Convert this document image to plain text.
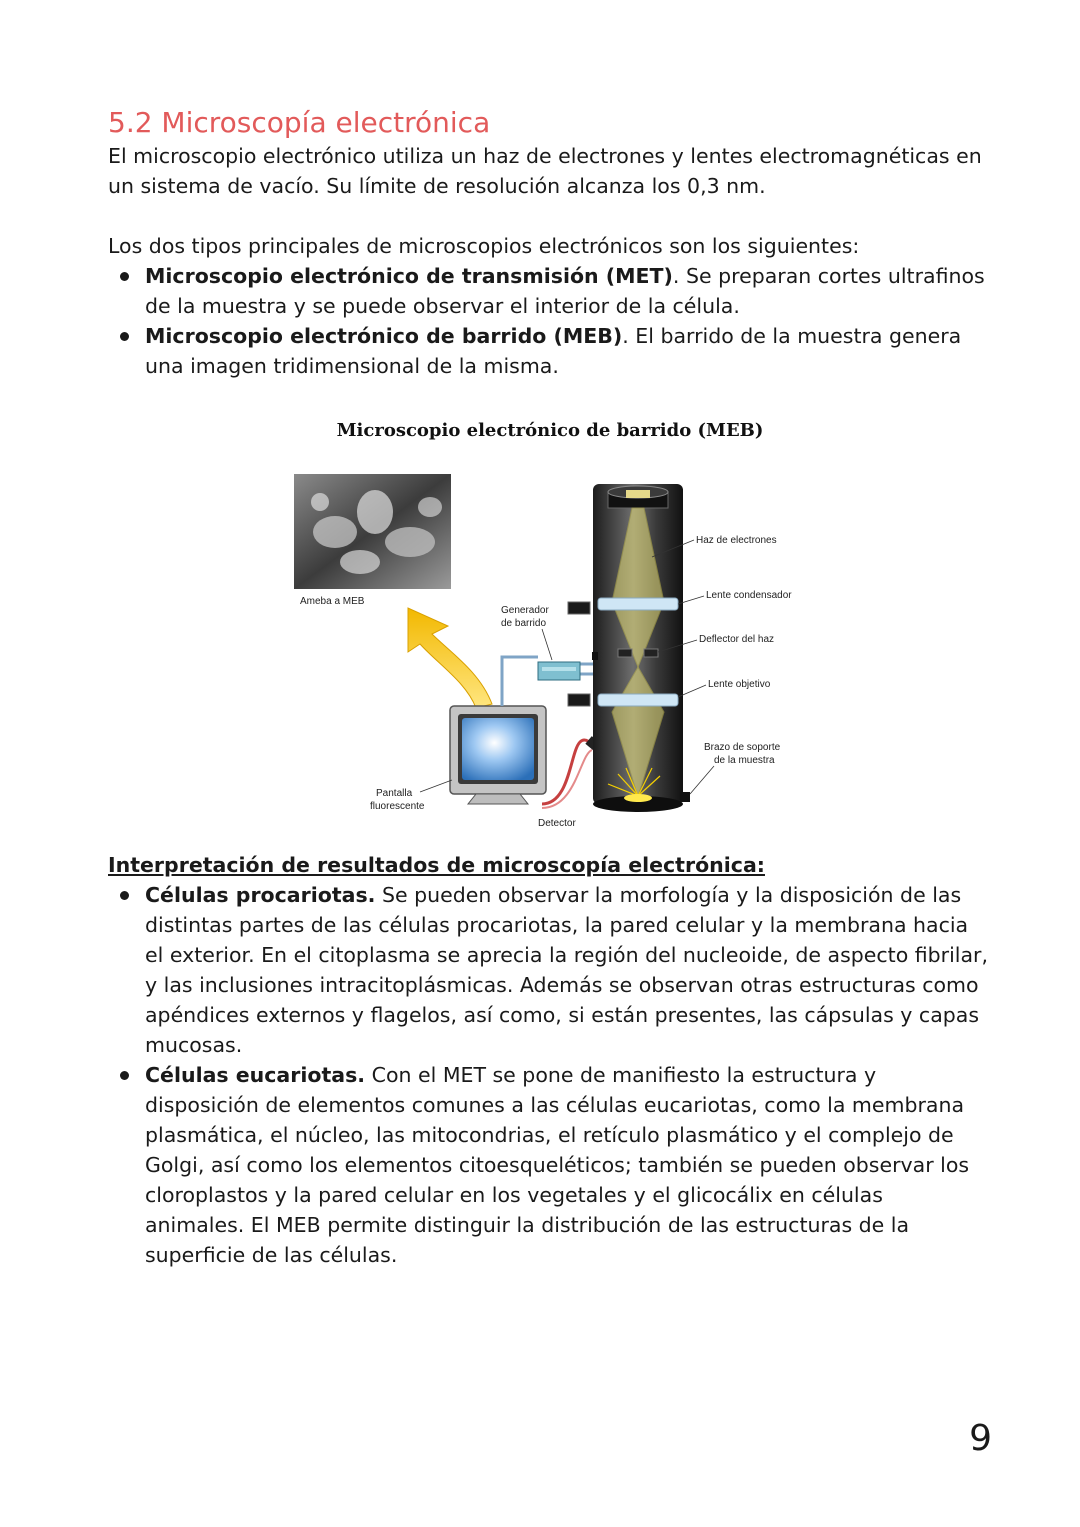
5.2 Microscopía electrónica

El microscopio electrónico utiliza un haz de electrones y lentes electromagnéticas en un sistema de vacío. Su límite de resolución alcanza los 0,3 nm.

Los dos tipos principales de microscopios electrónicos son los siguientes:

Microscopio electrónico de transmisión (MET). Se preparan cortes ultrafinos de la muestra y se puede observar el interior de la célula.
Microscopio electrónico de barrido (MEB). El barrido de la muestra genera una imagen tridimensional de la misma.
Microscopio electrónico de barrido (MEB)
Ameba a MEB
Pantalla
fluorescente
Generador
de barrido
Detector
Haz de electrones
Lente condensador
Deflector del haz
Lente objetivo
Brazo de soporte
de la muestra
Interpretación de resultados de microscopía electrónica:
Células procariotas. Se pueden observar la morfología y la disposición de las distintas partes de las células procariotas, la pared celular y la membrana hacia el exterior. En el citoplasma se aprecia la región del nucleoide, de aspecto fibrilar, y las inclusiones intracitoplásmicas. Además se observan otras estructuras como apéndices externos y flagelos, así como, si están presentes, las cápsulas y capas mucosas.
Células eucariotas. Con el MET se pone de manifiesto la estructura y disposición de elementos comunes a las células eucariotas, como la membrana plasmática, el núcleo, las mitocondrias, el retículo plasmático y el complejo de Golgi, así como los elementos citoesqueléticos; también se pueden observar los cloroplastos y la pared celular en los vegetales y el glicocálix en células animales. El MEB permite distinguir la distribución de las estructuras de la superficie de las células.
9
